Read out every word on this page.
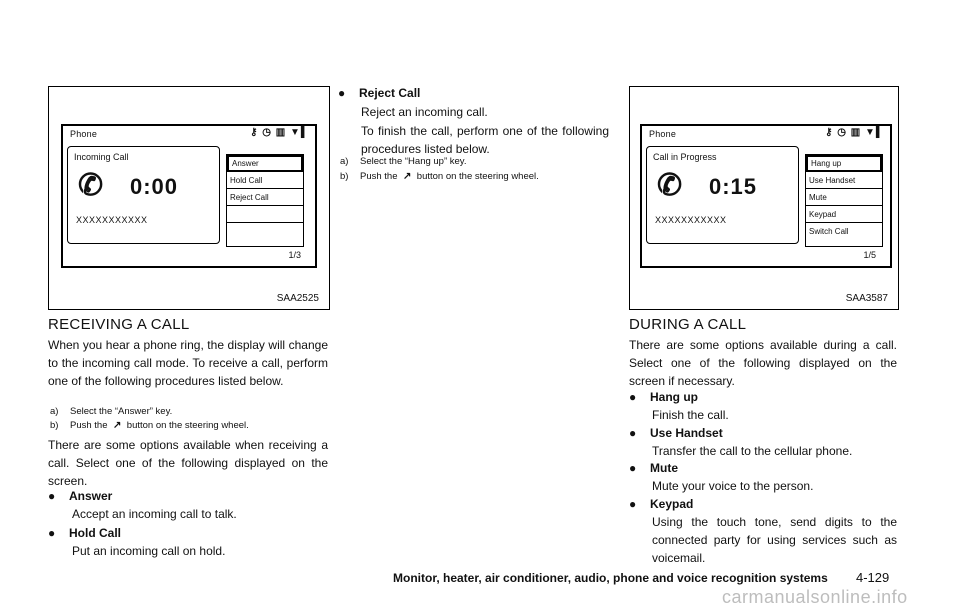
Phone	⚷ ◷ ▥ ▼▌
Incoming Call
✆ 0:00
XXXXXXXXXXX
Answer
Hold Call
Reject Call
1/3
SAA2525
RECEIVING A CALL

When you hear a phone ring, the display will change to the incoming call mode. To receive a call, perform one of the following procedures listed below.

a) Select the “Answer” key.
b) Push the ↗ button on the steering wheel.

There are some options available when receiving a call. Select one of the following displayed on the screen.

● Answer

Accept an incoming call to talk.

● Hold Call

Put an incoming call on hold.

● Reject Call

Reject an incoming call.

To finish the call, perform one of the following procedures listed below.

a) Select the “Hang up” key.
b) Push the ↗ button on the steering wheel.
Phone	⚷ ◷ ▥ ▼▌
Call in Progress
✆ 0:15
XXXXXXXXXXX
Hang up
Use Handset
Mute
Keypad
Switch Call
1/5
SAA3587
DURING A CALL

There are some options available during a call. Select one of the following displayed on the screen if necessary.

● Hang up

Finish the call.

● Use Handset

Transfer the call to the cellular phone.

● Mute

Mute your voice to the person.

● Keypad

Using the touch tone, send digits to the connected party for using services such as voicemail.

Monitor, heater, air conditioner, audio, phone and voice recognition systems 4-129
carmanualsonline.info
